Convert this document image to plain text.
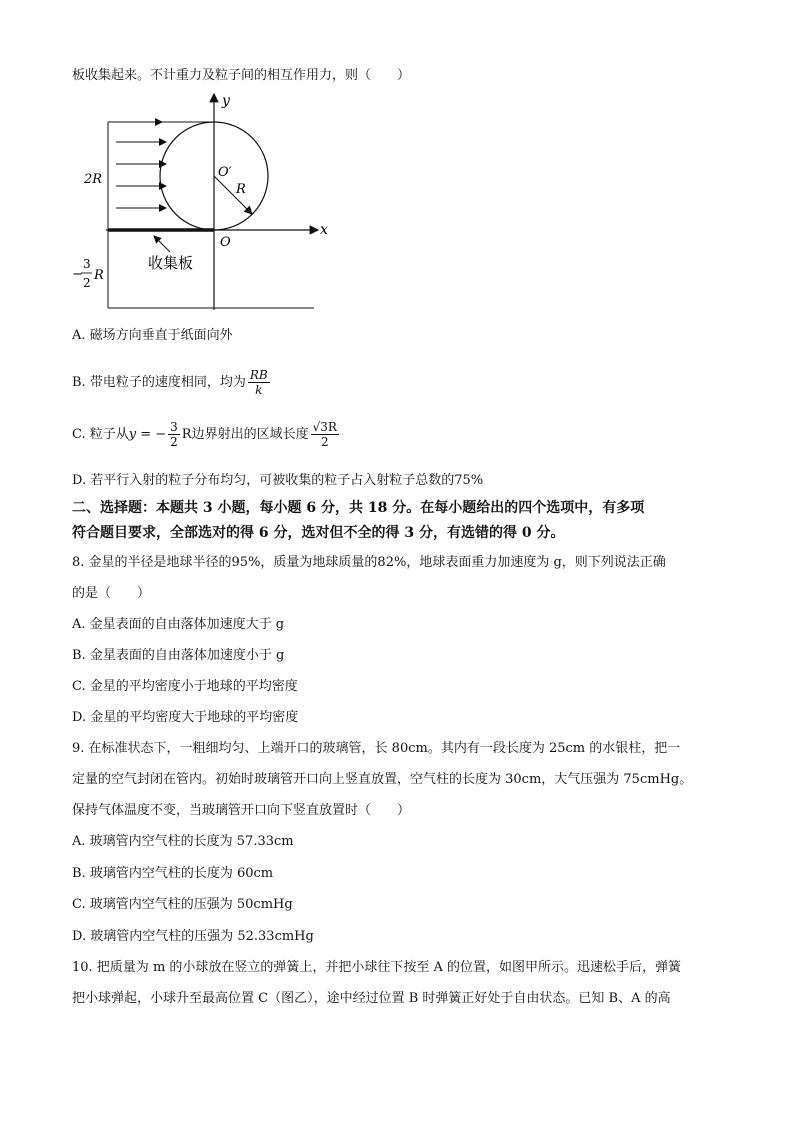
板收集起来。不计重力及粒子间的相互作用力，则（　　）
y
x
O
O′
R
2R
收集板
−
3
2 R
A. 磁场方向垂直于纸面向外
B. 带电粒子的速度相同，均为 $\frac{RB}{k}$
C. 粒子从y = − $\frac{3}{2}$ R边界射出的区域长度 $\frac{√3R}{2}$
D. 若平行入射的粒子分布均匀，可被收集的粒子占入射粒子总数的75%
二、选择题：本题共 3 小题，每小题 6 分，共 18 分。在每小题给出的四个选项中，有多项
符合题目要求，全部选对的得 6 分，选对但不全的得 3 分，有选错的得 0 分。
8. 金星的半径是地球半径的95%，质量为地球质量的82%，地球表面重力加速度为 g，则下列说法正确
的是（　　）
A. 金星表面的自由落体加速度大于 g
B. 金星表面的自由落体加速度小于 g
C. 金星的平均密度小于地球的平均密度
D. 金星的平均密度大于地球的平均密度
9. 在标准状态下，一粗细均匀、上端开口的玻璃管，长 80cm。其内有一段长度为 25cm 的水银柱，把一
定量的空气封闭在管内。初始时玻璃管开口向上竖直放置，空气柱的长度为 30cm，大气压强为 75cmHg。
保持气体温度不变，当玻璃管开口向下竖直放置时（　　）
A. 玻璃管内空气柱的长度为 57.33cm
B. 玻璃管内空气柱的长度为 60cm
C. 玻璃管内空气柱的压强为 50cmHg
D. 玻璃管内空气柱的压强为 52.33cmHg
10. 把质量为 m 的小球放在竖立的弹簧上，并把小球往下按至 A 的位置，如图甲所示。迅速松手后，弹簧
把小球弹起，小球升至最高位置 C（图乙），途中经过位置 B 时弹簧正好处于自由状态。已知 B、A 的高
